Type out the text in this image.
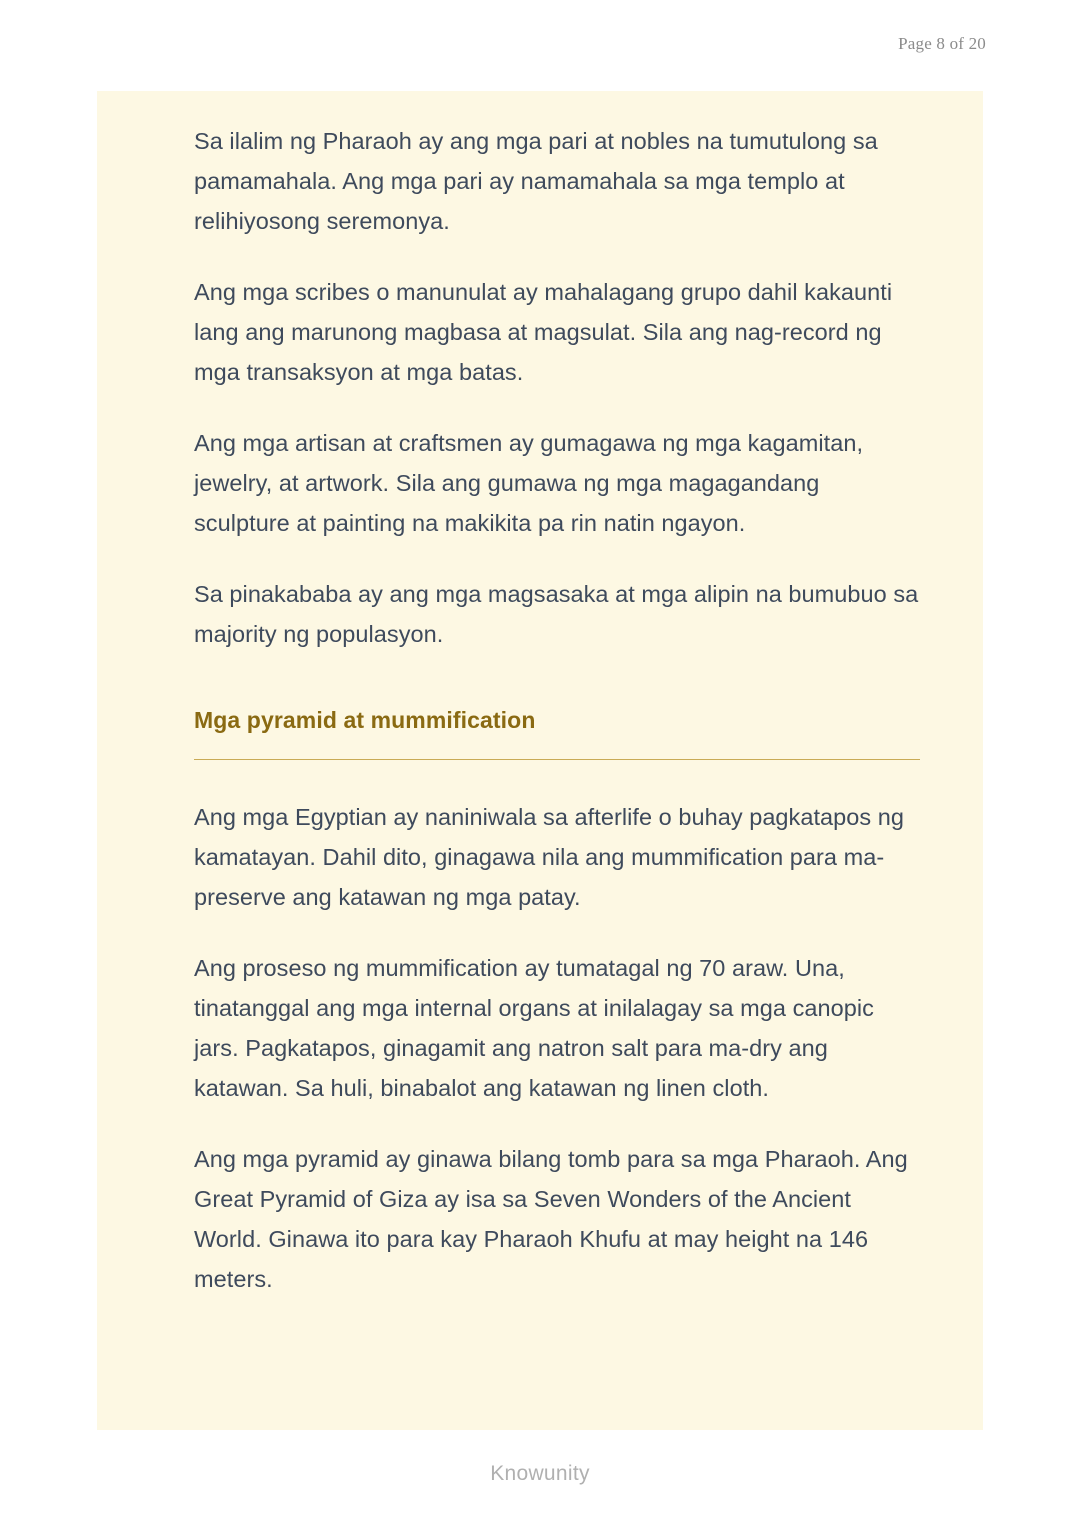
Page 8 of 20

Sa ilalim ng Pharaoh ay ang mga pari at nobles na tumutulong sa pamamahala. Ang mga pari ay namamahala sa mga templo at relihiyosong seremonya.

Ang mga scribes o manunulat ay mahalagang grupo dahil kakaunti lang ang marunong magbasa at magsulat. Sila ang nag-record ng mga transaksyon at mga batas.

Ang mga artisan at craftsmen ay gumagawa ng mga kagamitan, jewelry, at artwork. Sila ang gumawa ng mga magagandang sculpture at painting na makikita pa rin natin ngayon.

Sa pinakababa ay ang mga magsasaka at mga alipin na bumubuo sa majority ng populasyon.

Mga pyramid at mummification

Ang mga Egyptian ay naniniwala sa afterlife o buhay pagkatapos ng kamatayan. Dahil dito, ginagawa nila ang mummification para ma-preserve ang katawan ng mga patay.

Ang proseso ng mummification ay tumatagal ng 70 araw. Una, tinatanggal ang mga internal organs at inilalagay sa mga canopic jars. Pagkatapos, ginagamit ang natron salt para ma-dry ang katawan. Sa huli, binabalot ang katawan ng linen cloth.

Ang mga pyramid ay ginawa bilang tomb para sa mga Pharaoh. Ang Great Pyramid of Giza ay isa sa Seven Wonders of the Ancient World. Ginawa ito para kay Pharaoh Khufu at may height na 146 meters.

Knowunity
